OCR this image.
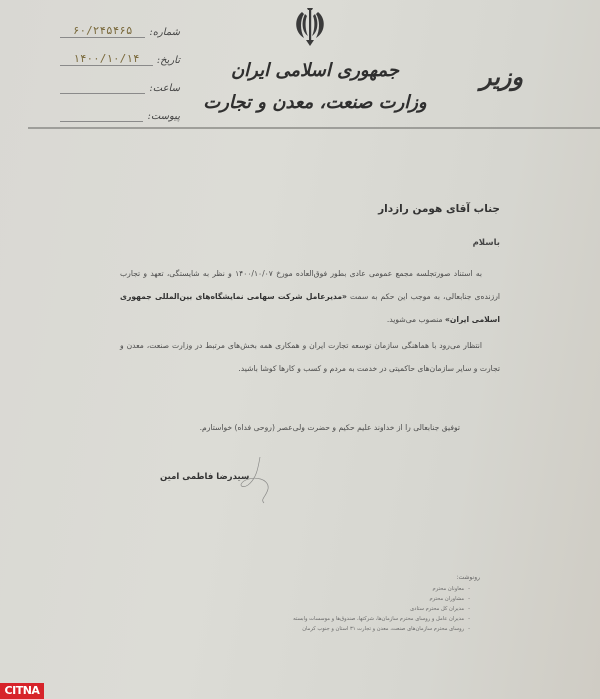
شماره:
۶۰/۲۴۵۴۶۵
تاریخ:
۱۴۰۰/۱۰/۱۴
ساعت:

پیوست:

جمهوری اسلامی ایران
وزارت صنعت، معدن و تجارت
وزیر
جناب آقای هومن رازدار
باسلام
به استناد صورتجلسه مجمع عمومی عادی بطور فوق‌العاده مورخ ۱۴۰۰/۱۰/۰۷ و نظر به شایستگی، تعهد و تجارب ارزنده‌ی جنابعالی، به موجب این حکم به سمت «مدیرعامل شرکت سهامی نمایشگاه‌های بین‌المللی جمهوری اسلامی ایران» منصوب می‌شوید.
انتظار می‌رود با هماهنگی سازمان توسعه تجارت ایران و همکاری همه بخش‌های مرتبط در وزارت صنعت، معدن و تجارت و سایر سازمان‌های حاکمیتی در خدمت به مردم و کسب و کارها کوشا باشید.
توفیق جنابعالی را از خداوند علیم حکیم و حضرت ولی‌عصر (روحی فداه) خواستارم.
سیدرضا فاطمی امین
رونوشت:
- معاونان محترم
- مشاوران محترم
- مدیران کل محترم ستادی
- مدیران عامل و روسای محترم سازمان‌ها، شرکتها، صندوق‌ها و موسسات وابسته
- روسای محترم سازمان‌های صنعت، معدن و تجارت ۳۱ استان و جنوب کرمان
CITNA
